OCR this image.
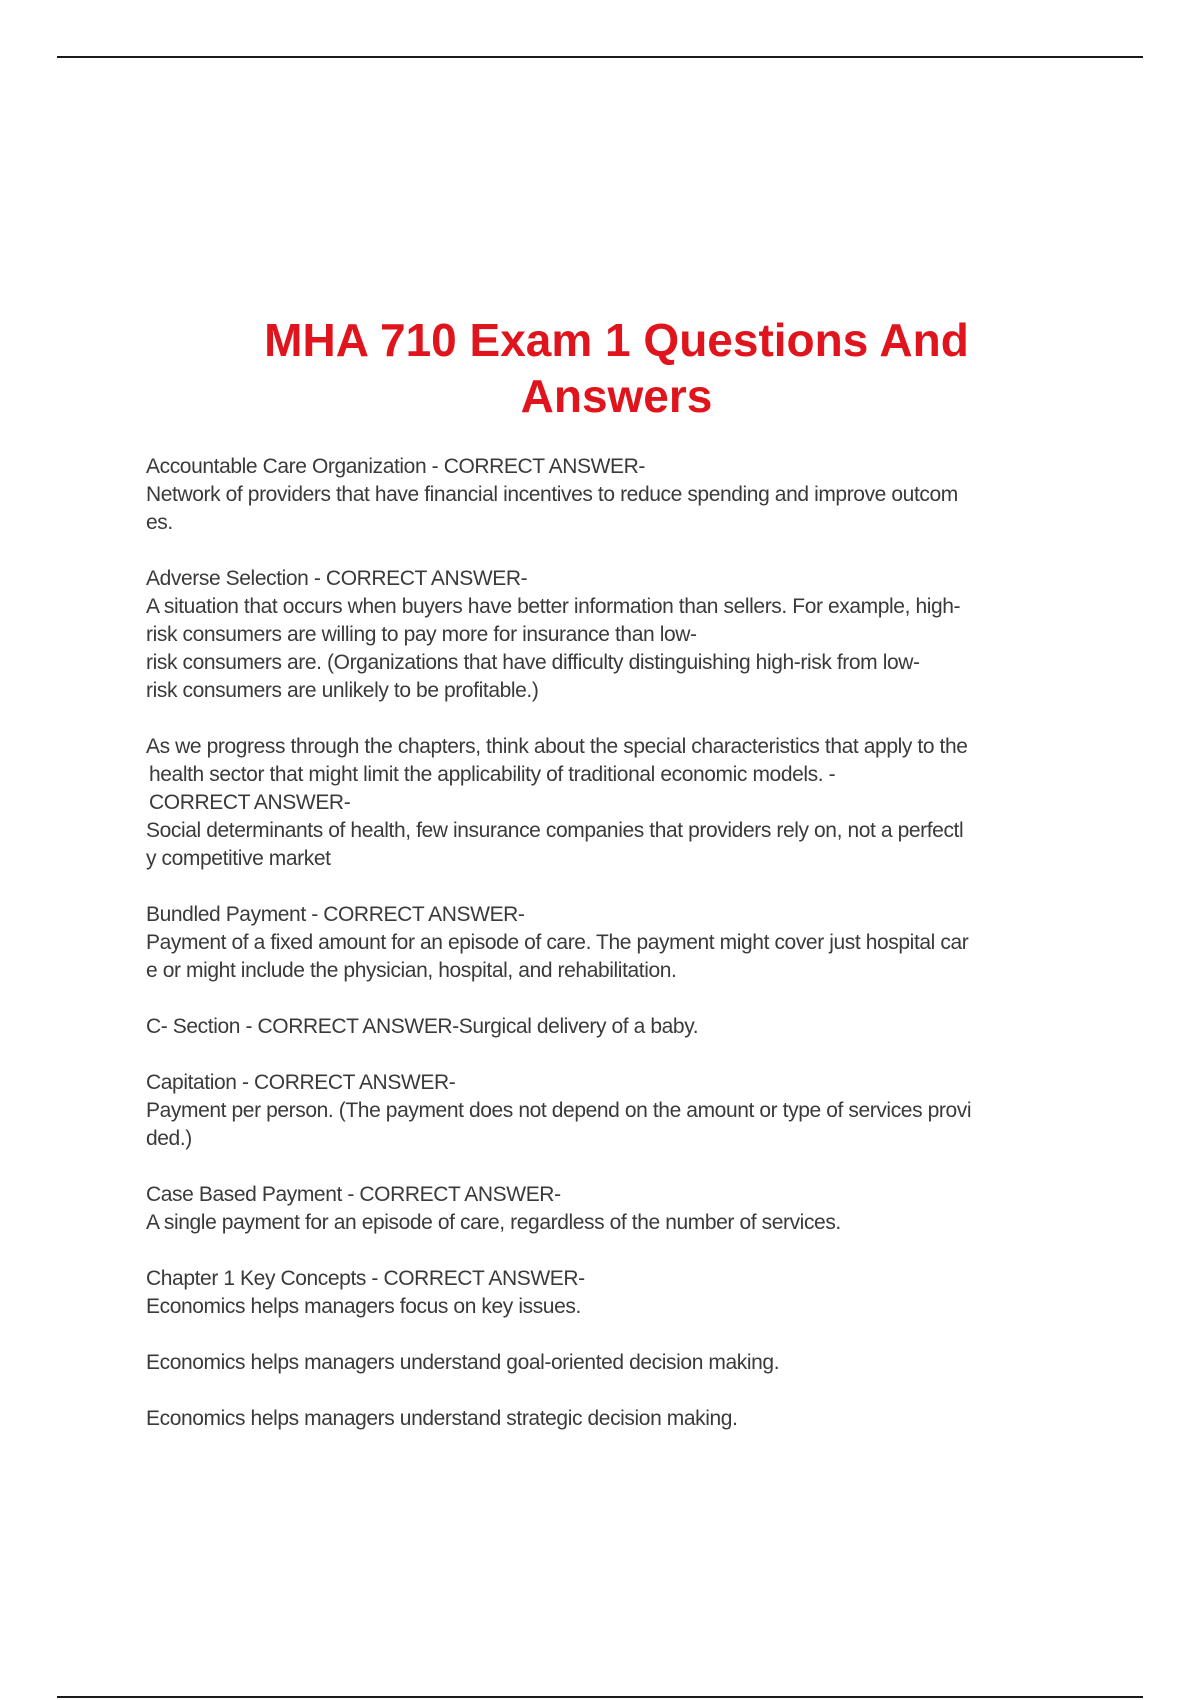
MHA 710 Exam 1 Questions And
Answers
Accountable Care Organization - CORRECT ANSWER-
Network of providers that have financial incentives to reduce spending and improve outcom
es.
Adverse Selection - CORRECT ANSWER-
A situation that occurs when buyers have better information than sellers. For example, high-
risk consumers are willing to pay more for insurance than low-
risk consumers are. (Organizations that have difficulty distinguishing high-risk from low-
risk consumers are unlikely to be profitable.)
As we progress through the chapters, think about the special characteristics that apply to the
health sector that might limit the applicability of traditional economic models. -
CORRECT ANSWER-
Social determinants of health, few insurance companies that providers rely on, not a perfectl
y competitive market
Bundled Payment - CORRECT ANSWER-
Payment of a fixed amount for an episode of care. The payment might cover just hospital car
e or might include the physician, hospital, and rehabilitation.
C- Section - CORRECT ANSWER-Surgical delivery of a baby.
Capitation - CORRECT ANSWER-
Payment per person. (The payment does not depend on the amount or type of services provi
ded.)
Case Based Payment - CORRECT ANSWER-
A single payment for an episode of care, regardless of the number of services.
Chapter 1 Key Concepts - CORRECT ANSWER-
Economics helps managers focus on key issues.
Economics helps managers understand goal-oriented decision making.
Economics helps managers understand strategic decision making.
